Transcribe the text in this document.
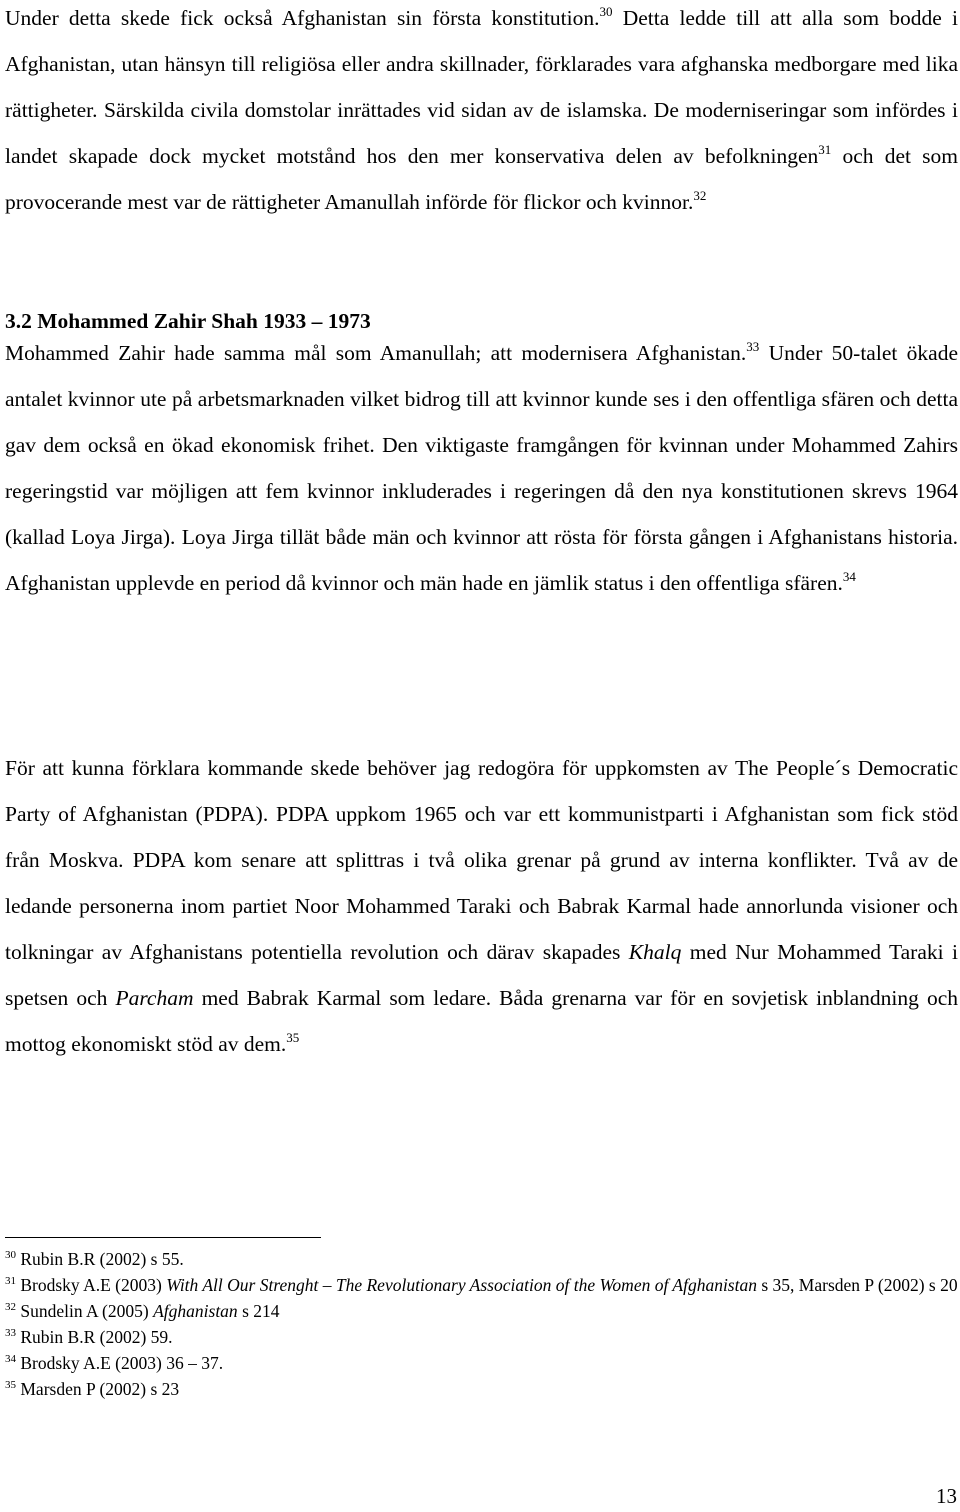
Under detta skede fick också Afghanistan sin första konstitution.$^{30}$ Detta ledde till att alla som bodde i Afghanistan, utan hänsyn till religiösa eller andra skillnader, förklarades vara afghanska medborgare med lika rättigheter. Särskilda civila domstolar inrättades vid sidan av de islamska. De moderniseringar som infördes i landet skapade dock mycket motstånd hos den mer konservativa delen av befolkningen$^{31}$ och det som provocerande mest var de rättigheter Amanullah införde för flickor och kvinnor.$^{32}$

3.2 Mohammed Zahir Shah 1933 – 1973

Mohammed Zahir hade samma mål som Amanullah; att modernisera Afghanistan.$^{33}$ Under 50-talet ökade antalet kvinnor ute på arbetsmarknaden vilket bidrog till att kvinnor kunde ses i den offentliga sfären och detta gav dem också en ökad ekonomisk frihet. Den viktigaste framgången för kvinnan under Mohammed Zahirs regeringstid var möjligen att fem kvinnor inkluderades i regeringen då den nya konstitutionen skrevs 1964 (kallad Loya Jirga). Loya Jirga tillät både män och kvinnor att rösta för första gången i Afghanistans historia. Afghanistan upplevde en period då kvinnor och män hade en jämlik status i den offentliga sfären.$^{34}$

För att kunna förklara kommande skede behöver jag redogöra för uppkomsten av The People´s Democratic Party of Afghanistan (PDPA). PDPA uppkom 1965 och var ett kommunistparti i Afghanistan som fick stöd från Moskva. PDPA kom senare att splittras i två olika grenar på grund av interna konflikter. Två av de ledande personerna inom partiet Noor Mohammed Taraki och Babrak Karmal hade annorlunda visioner och tolkningar av Afghanistans potentiella revolution och därav skapades Khalq med Nur Mohammed Taraki i spetsen och Parcham med Babrak Karmal som ledare. Båda grenarna var för en sovjetisk inblandning och mottog ekonomiskt stöd av dem.$^{35}$

$^{30}$ Rubin B.R (2002) s 55.

$^{31}$ Brodsky A.E (2003) With All Our Strenght – The Revolutionary Association of the Women of Afghanistan s 35, Marsden P (2002) s 20

$^{32}$ Sundelin A (2005) Afghanistan s 214

$^{33}$ Rubin B.R (2002) 59.

$^{34}$ Brodsky A.E (2003) 36 – 37.

$^{35}$ Marsden P (2002) s 23

13
